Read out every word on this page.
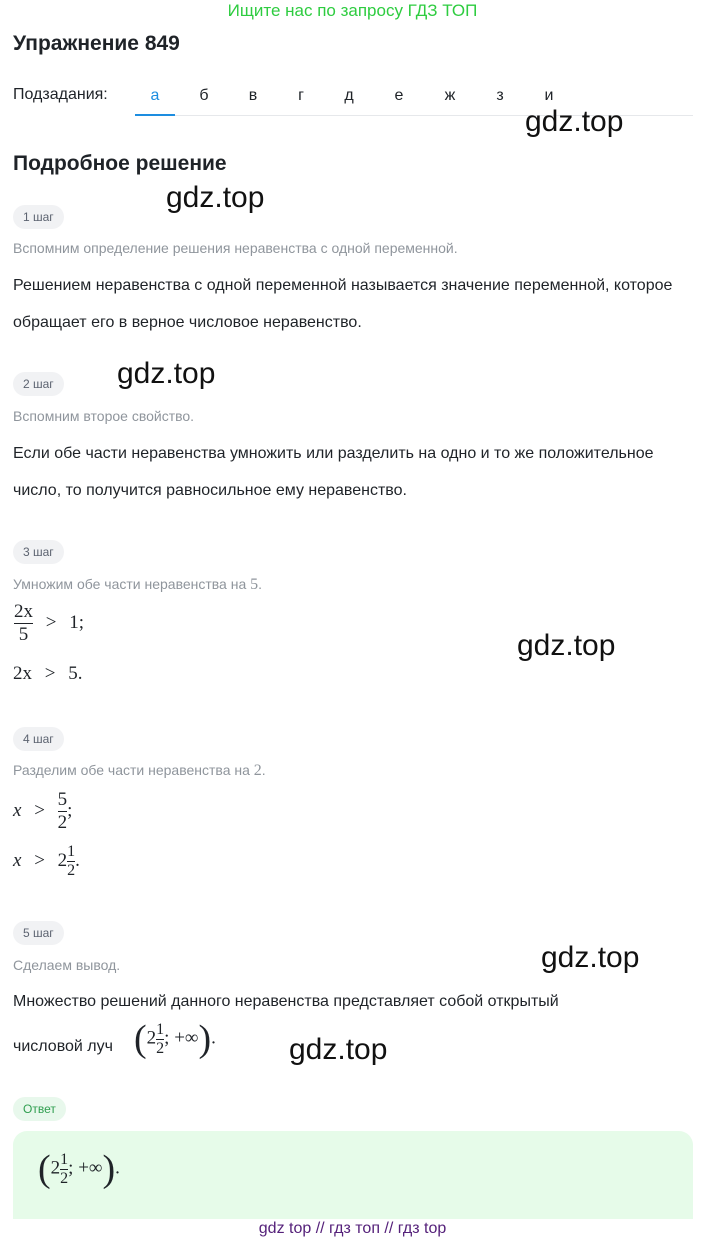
Ищите нас по запросу ГДЗ ТОП
Упражнение 849
Подзадания:	а	б	в	г	д	е	ж	з	и
Подробное решение
1 шаг
Вспомним определение решения неравенства с одной переменной.
Решением неравенства с одной переменной называется значение переменной, которое обращает его в верное числовое неравенство.
2 шаг
Вспомним второе свойство.
Если обе части неравенства умножить или разделить на одно и то же положительное число, то получится равносильное ему неравенство.
3 шаг
Умножим обе части неравенства на 5.
$\frac{2x}{5} > 1$;
2x > 5.
4 шаг
Разделим обе части неравенства на 2.
$x > \frac{5}{2}$ ;
$x > 2 \frac{1}{2}$ .
5 шаг
Сделаем вывод.
Множество решений данного неравенства представляет собой открытый
числовой луч ($2 \frac{1}{2}$ ; +∞).
Ответ
($2 \frac{1}{2}$ ; +∞).
gdz.top
gdz.top
gdz.top
gdz.top
gdz.top
gdz.top
gdz top // гдз топ // гдз top
